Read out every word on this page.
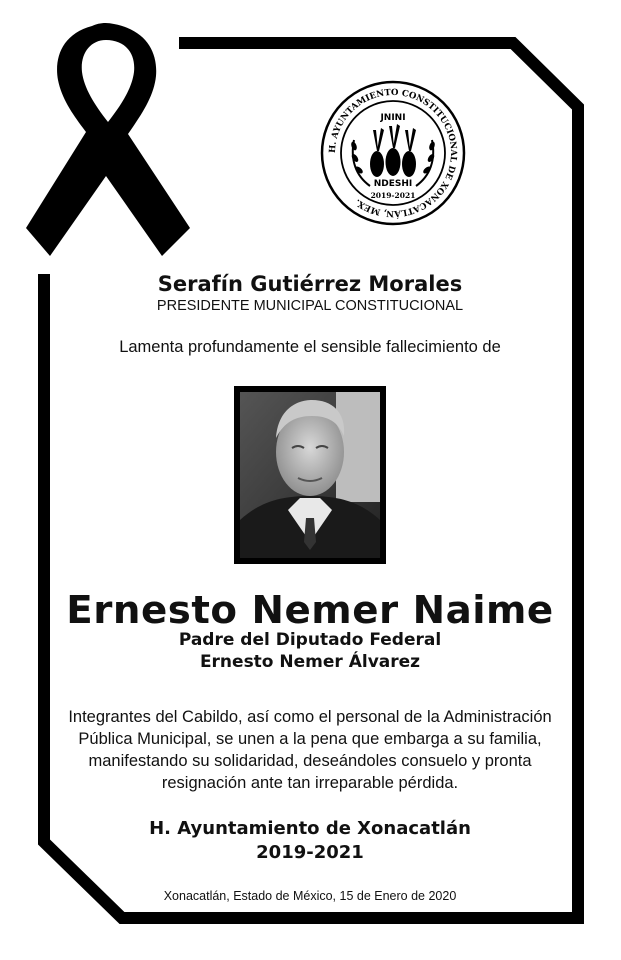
H. AYUNTAMIENTO CONSTITUCIONAL DE XONACATLÁN, MEX.
JNINI
NDESHI
2019-2021

Serafín Gutiérrez Morales

PRESIDENTE MUNICIPAL CONSTITUCIONAL

Lamenta profundamente el sensible fallecimiento de

Ernesto Nemer Naime

Padre del Diputado Federal

Ernesto Nemer Álvarez

Integrantes del Cabildo, así como el personal de la Administración Pública Municipal, se unen a la pena que embarga a su familia, manifestando su solidaridad, deseándoles consuelo y pronta resignación ante tan irreparable pérdida.

H. Ayuntamiento de Xonacatlán

2019-2021

Xonacatlán, Estado de México, 15 de Enero de 2020
